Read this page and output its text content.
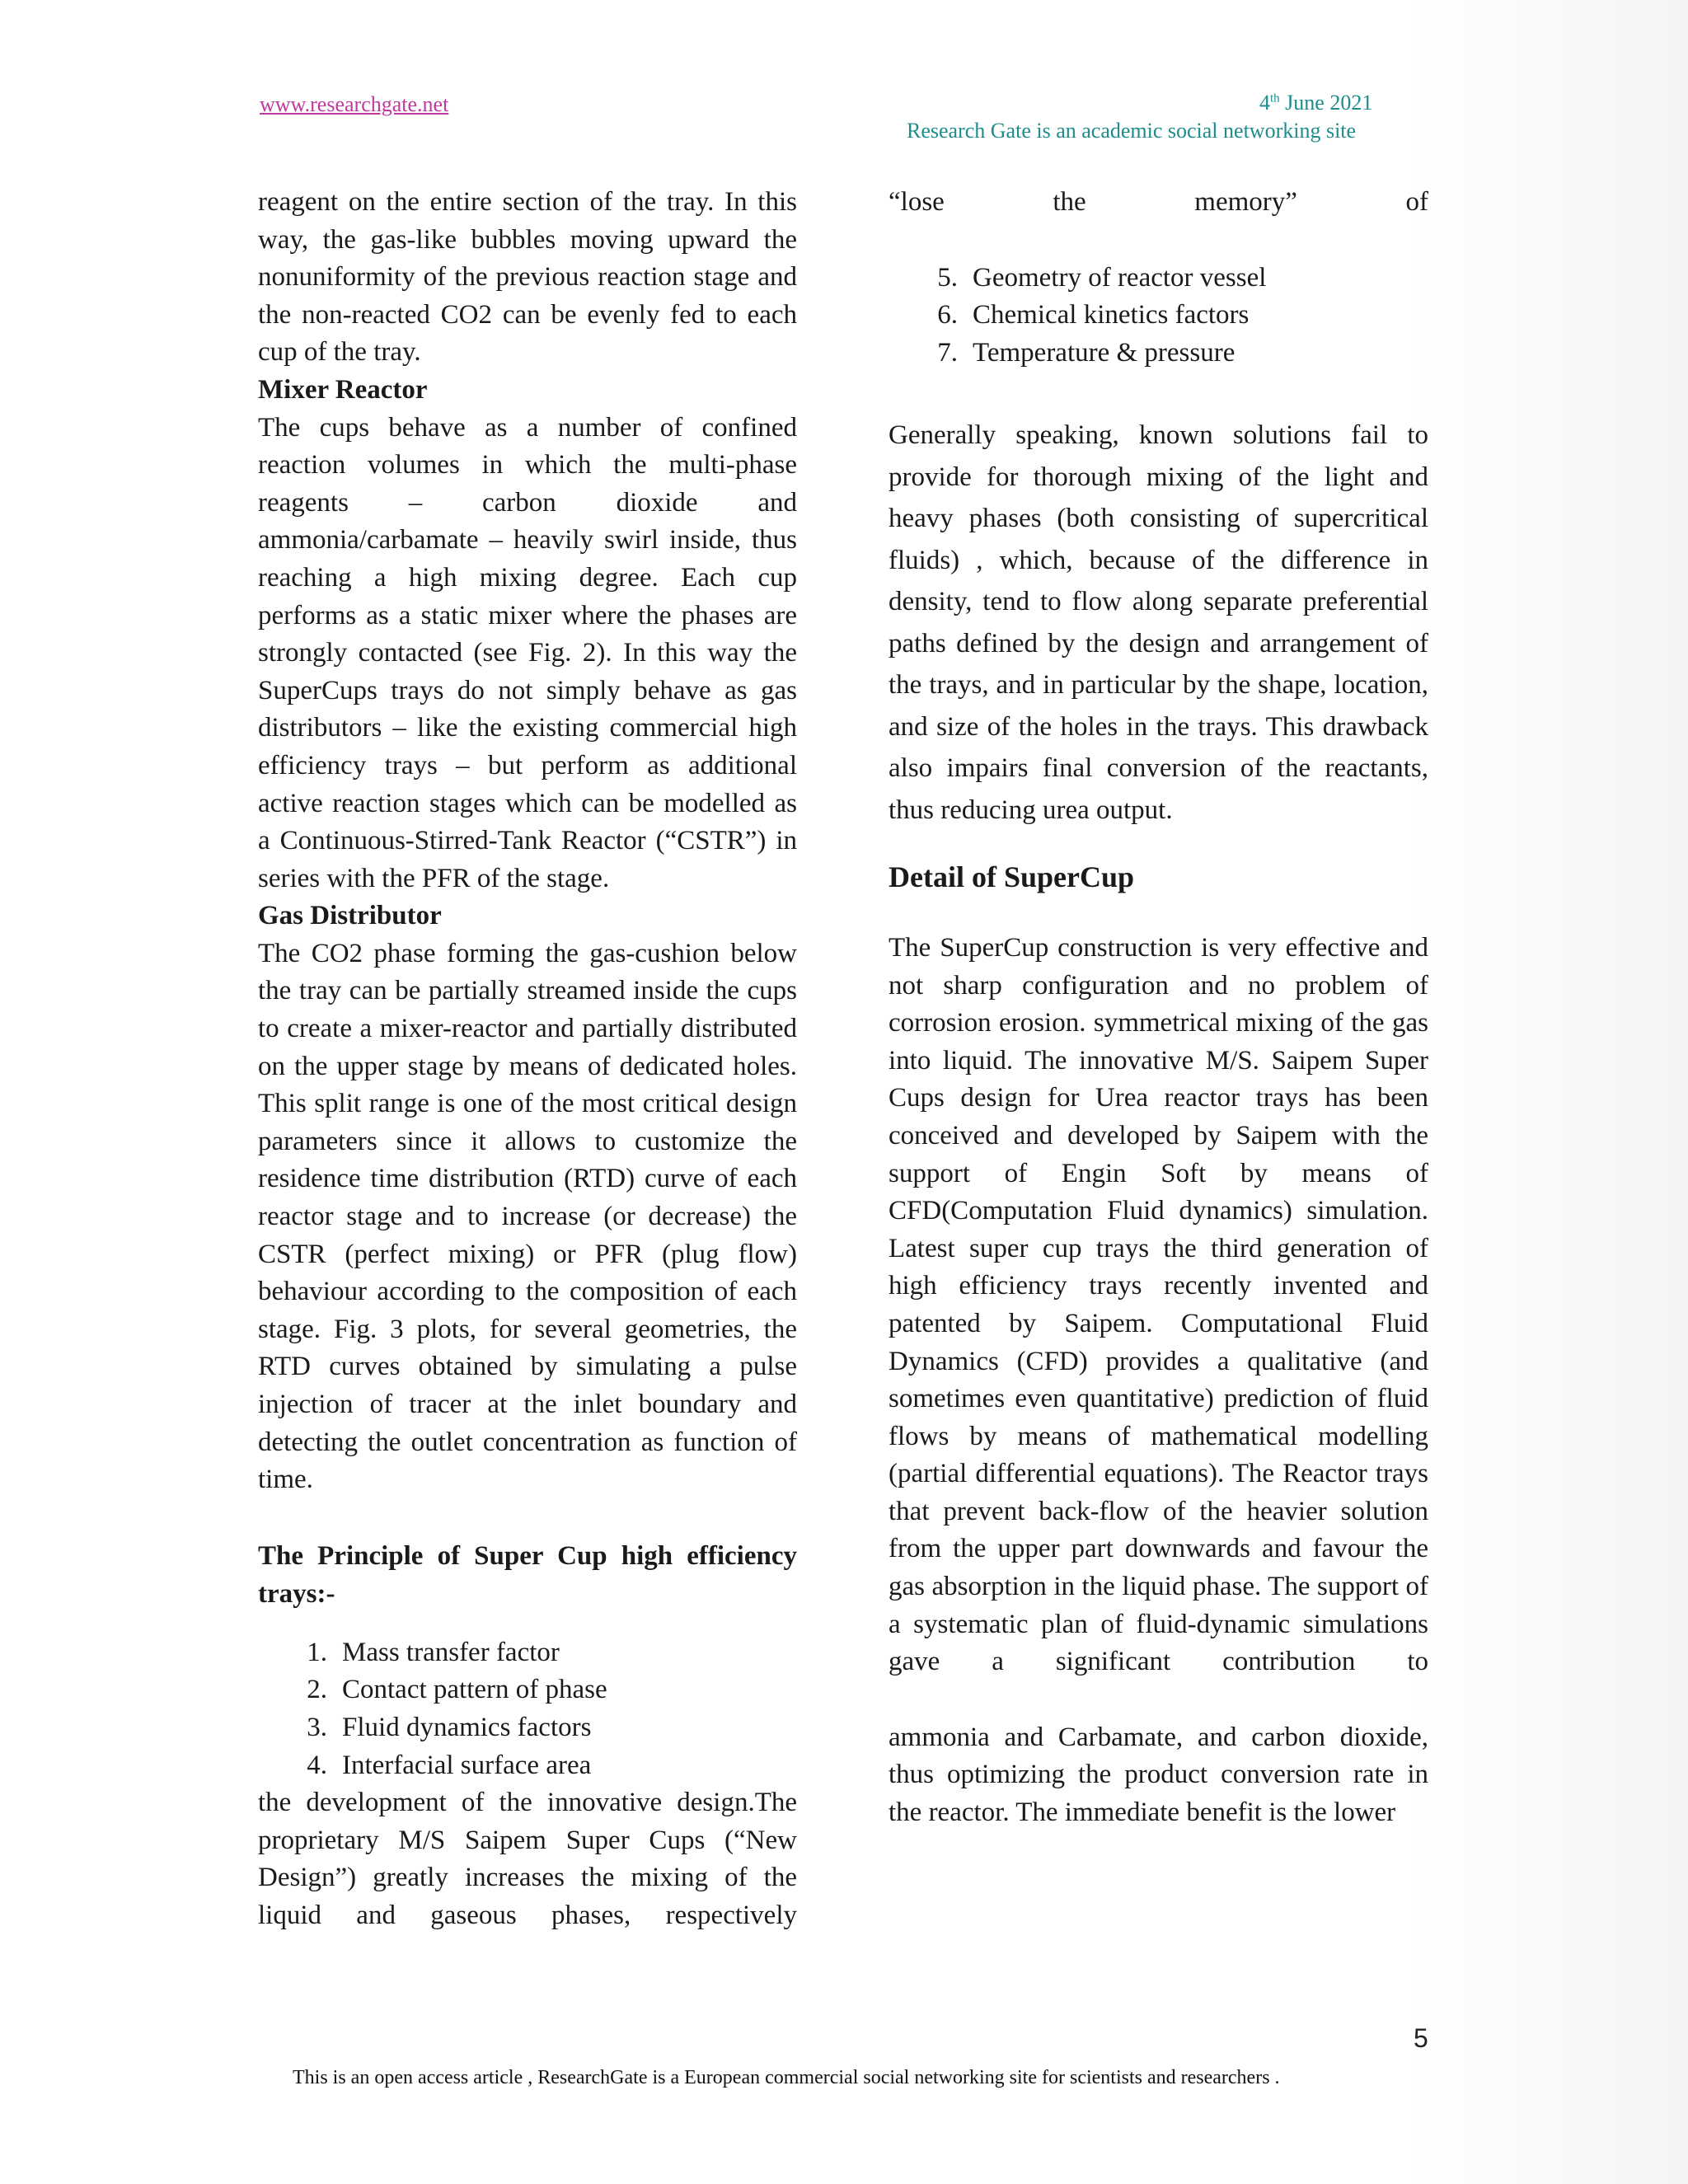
www.researchgate.net	4th June 2021
Research Gate is an academic social networking site

reagent on the entire section of the tray. In this way, the gas-like bubbles moving upward the nonuniformity of the previous reaction stage and the non-reacted CO2 can be evenly fed to each cup of the tray.

Mixer Reactor

The cups behave as a number of confined reaction volumes in which the multi-phase reagents – carbon dioxide and ammonia/carbamate – heavily swirl inside, thus reaching a high mixing degree. Each cup performs as a static mixer where the phases are strongly contacted (see Fig. 2). In this way the SuperCups trays do not simply behave as gas distributors – like the existing commercial high efficiency trays – but perform as additional active reaction stages which can be modelled as a Continuous-Stirred-Tank Reactor (“CSTR”) in series with the PFR of the stage.

Gas Distributor

The CO2 phase forming the gas-cushion below the tray can be partially streamed inside the cups to create a mixer-reactor and partially distributed on the upper stage by means of dedicated holes. This split range is one of the most critical design parameters since it allows to customize the residence time distribution (RTD) curve of each reactor stage and to increase (or decrease) the CSTR (perfect mixing) or PFR (plug flow) behaviour according to the composition of each stage. Fig. 3 plots, for several geometries, the RTD curves obtained by simulating a pulse injection of tracer at the inlet boundary and detecting the outlet concentration as function of time.

The Principle of Super Cup high efficiency trays:-
1. Mass transfer factor
2. Contact pattern of phase
3. Fluid dynamics factors
4. Interfacial surface area

the development of the innovative design.The proprietary M/S Saipem Super Cups (“New Design”) greatly increases the mixing of the liquid and gaseous phases, respectively

“lose the memory” of

5. Geometry of reactor vessel
6. Chemical kinetics factors
7. Temperature & pressure

Generally speaking, known solutions fail to provide for thorough mixing of the light and heavy phases (both consisting of supercritical fluids) , which, because of the difference in density, tend to flow along separate preferential paths defined by the design and arrangement of the trays, and in particular by the shape, location, and size of the holes in the trays. This drawback also impairs final conversion of the reactants, thus reducing urea output.

Detail of SuperCup

The SuperCup construction is very effective and not sharp configuration and no problem of corrosion erosion. symmetrical mixing of the gas into liquid. The innovative M/S. Saipem Super Cups design for Urea reactor trays has been conceived and developed by Saipem with the support of Engin Soft by means of CFD(Computation Fluid dynamics) simulation. Latest super cup trays the third generation of high efficiency trays recently invented and patented by Saipem. Computational Fluid Dynamics (CFD) provides a qualitative (and sometimes even quantitative) prediction of fluid flows by means of mathematical modelling (partial differential equations). The Reactor trays that prevent back-flow of the heavier solution from the upper part downwards and favour the gas absorption in the liquid phase. The support of a systematic plan of fluid-dynamic simulations gave a significant contribution to

ammonia and Carbamate, and carbon dioxide, thus optimizing the product conversion rate in the reactor. The immediate benefit is the lower

5
This is an open access article , ResearchGate is a European commercial social networking site for scientists and researchers .
